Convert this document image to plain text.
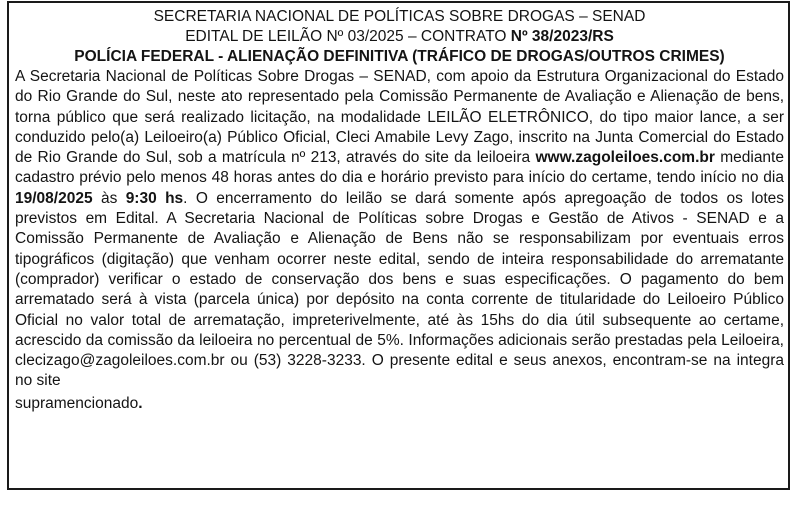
SECRETARIA NACIONAL DE POLÍTICAS SOBRE DROGAS – SENAD

EDITAL DE LEILÃO Nº 03/2025 – CONTRATO Nº 38/2023/RS

POLÍCIA FEDERAL - ALIENAÇÃO DEFINITIVA (TRÁFICO DE DROGAS/OUTROS CRIMES)

A Secretaria Nacional de Políticas Sobre Drogas – SENAD, com apoio da Estrutura Organizacional do Estado do Rio Grande do Sul, neste ato representado pela Comissão Permanente de Avaliação e Alienação de bens, torna público que será realizado licitação, na modalidade LEILÃO ELETRÔNICO, do tipo maior lance, a ser conduzido pelo(a) Leiloeiro(a) Público Oficial, Cleci Amabile Levy Zago, inscrito na Junta Comercial do Estado de Rio Grande do Sul, sob a matrícula nº 213, através do site da leiloeira www.zagoleiloes.com.br mediante cadastro prévio pelo menos 48 horas antes do dia e horário previsto para início do certame, tendo início no dia 19/08/2025 às 9:30 hs. O encerramento do leilão se dará somente após apregoação de todos os lotes previstos em Edital. A Secretaria Nacional de Políticas sobre Drogas e Gestão de Ativos - SENAD e a Comissão Permanente de Avaliação e Alienação de Bens não se responsabilizam por eventuais erros tipográficos (digitação) que venham ocorrer neste edital, sendo de inteira responsabilidade do arrematante (comprador) verificar o estado de conservação dos bens e suas especificações. O pagamento do bem arrematado será à vista (parcela única) por depósito na conta corrente de titularidade do Leiloeiro Público Oficial no valor total de arrematação, impreterivelmente, até às 15hs do dia útil subsequente ao certame, acrescido da comissão da leiloeira no percentual de 5%. Informações adicionais serão prestadas pela Leiloeira, clecizago@zagoleiloes.com.br ou (53) 3228-3233. O presente edital e seus anexos, encontram-se na integra no site

supramencionado.
